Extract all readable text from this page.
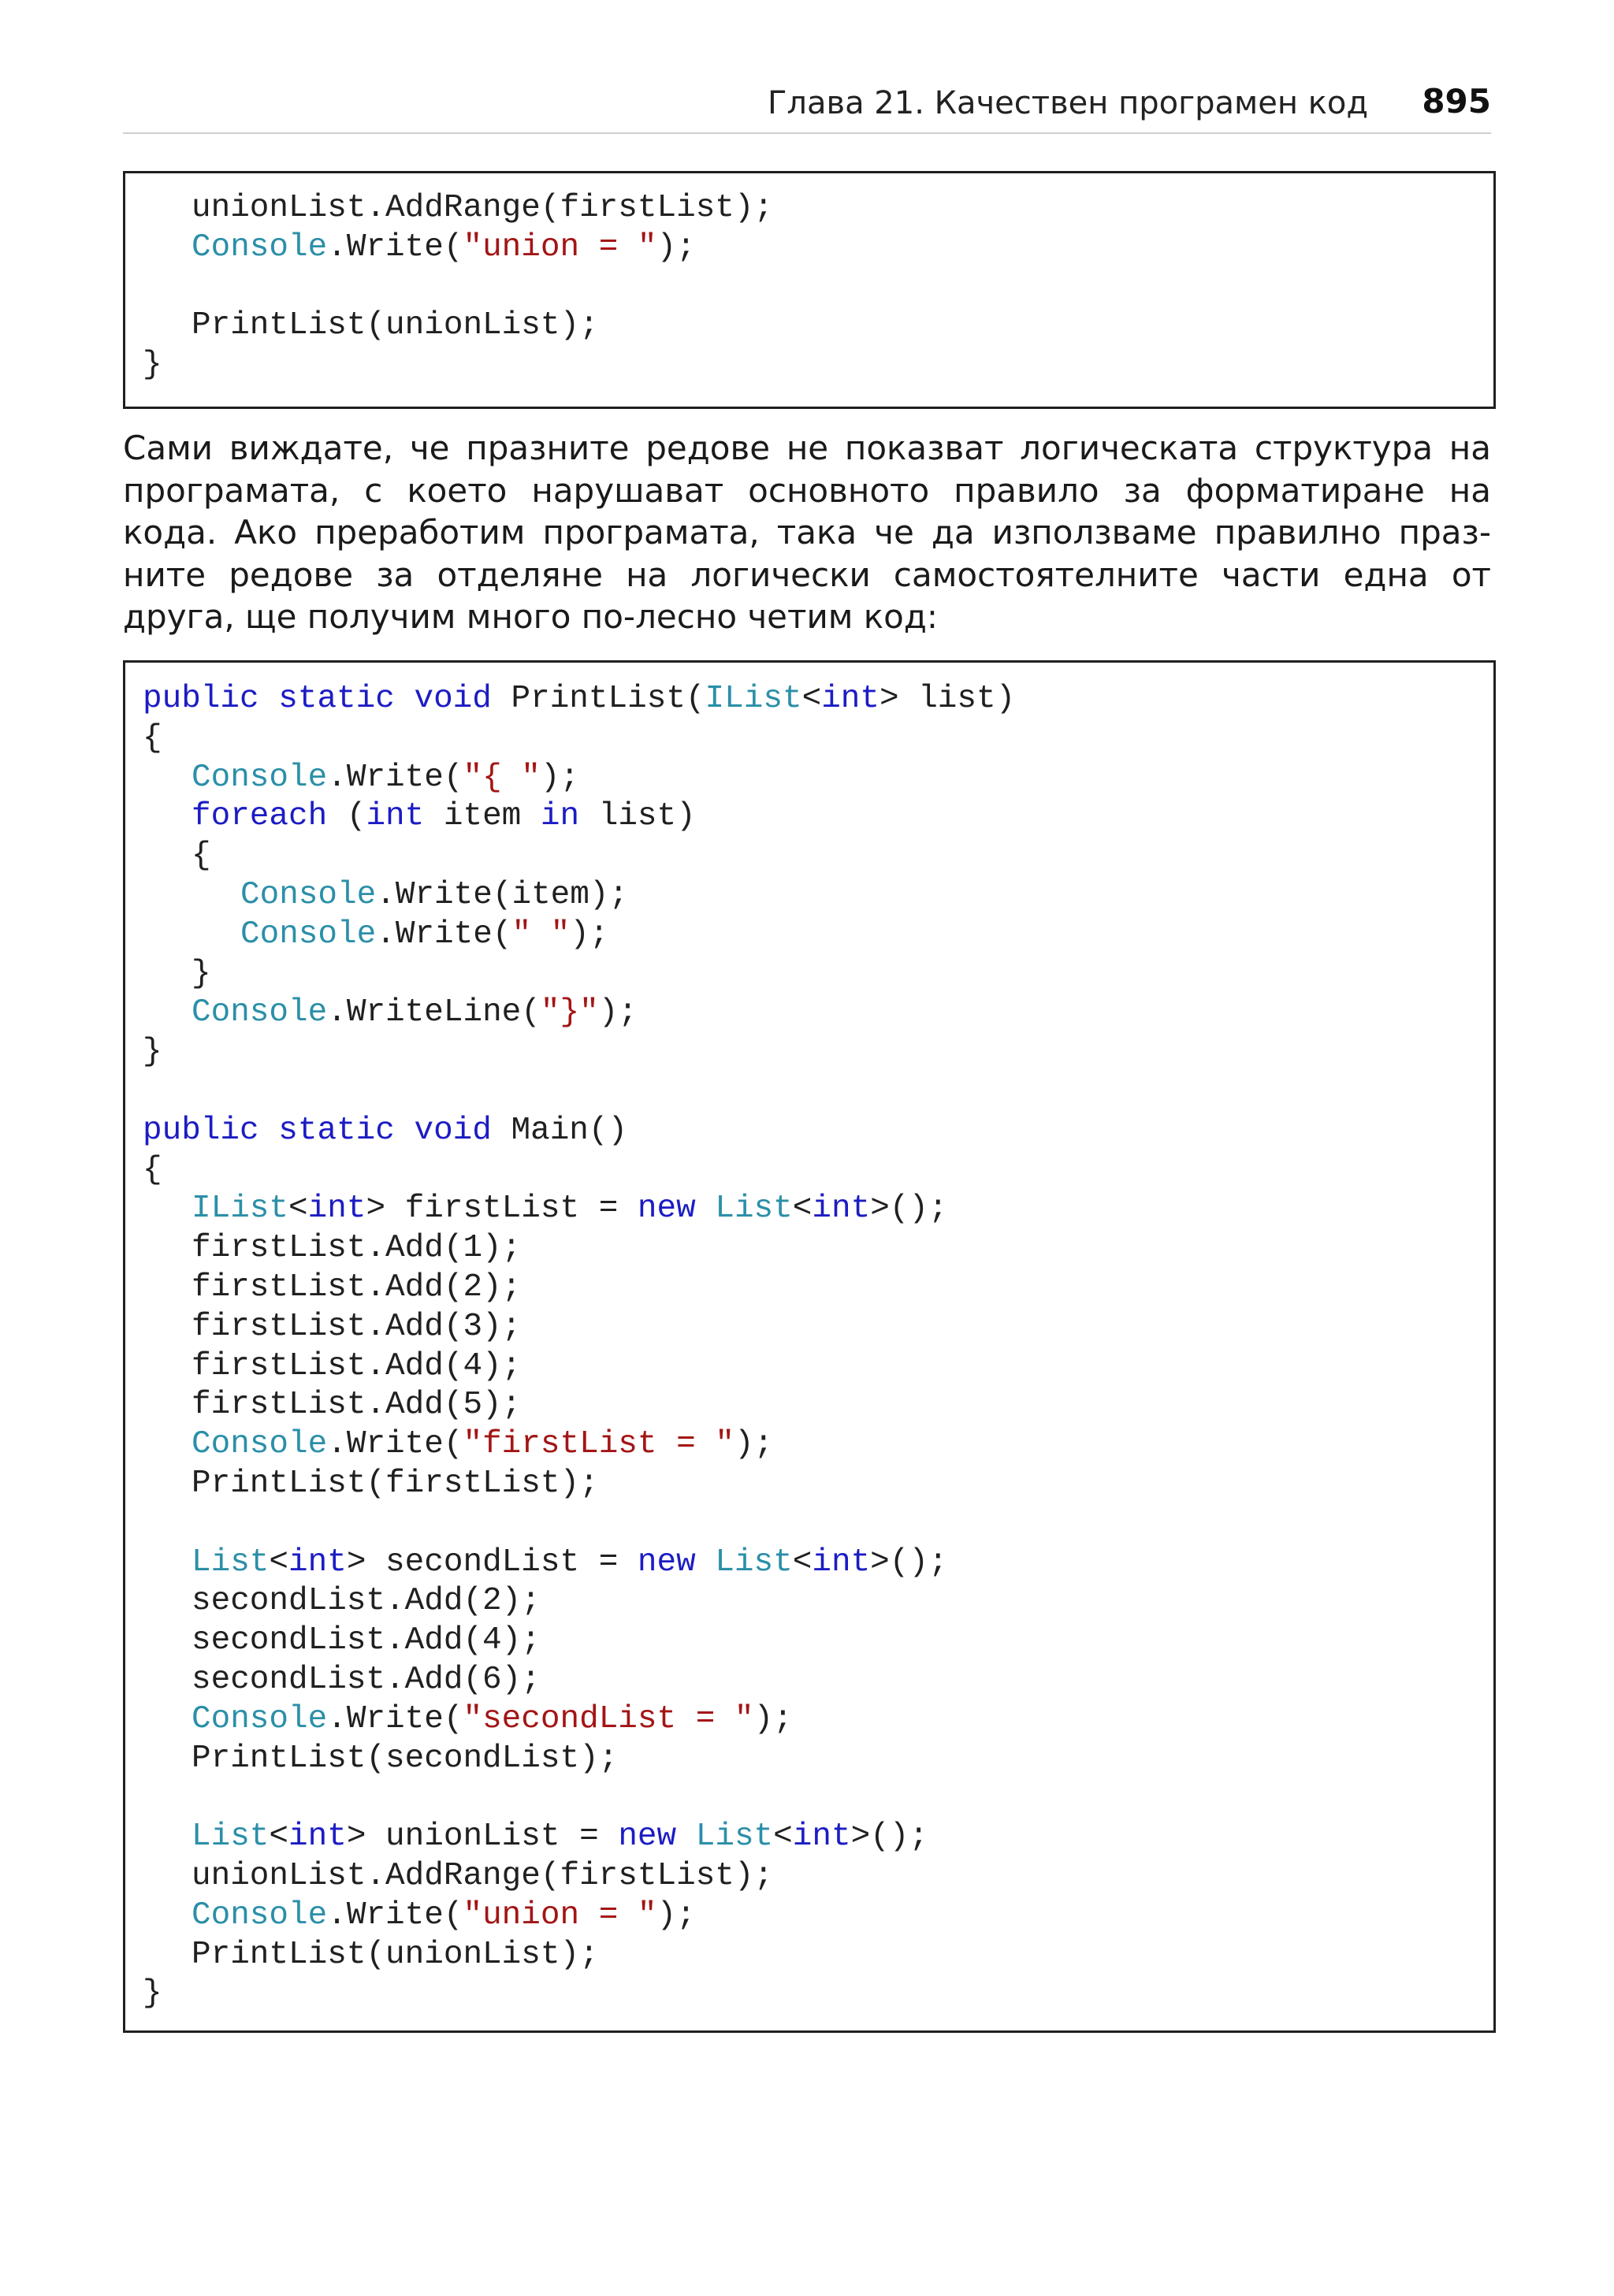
Глава 21. Качествен програмен код 895
unionList.AddRange(firstList);
Console.Write("union = ");
PrintList(unionList);
}
Сами виждате, че празните редове не показват логическата структура на
програмата, с което нарушават основното правило за форматиране на
кода. Ако преработим програмата, така че да използваме правилно праз-
ните редове за отделяне на логически самостоятелните части една от
друга, ще получим много по-лесно четим код:
public static void PrintList(IList<int> list)
{
Console.Write("{ ");
foreach (int item in list)
{
Console.Write(item);
Console.Write(" ");
}
Console.WriteLine("}");
}
public static void Main()
{
IList<int> firstList = new List<int>();
firstList.Add(1);
firstList.Add(2);
firstList.Add(3);
firstList.Add(4);
firstList.Add(5);
Console.Write("firstList = ");
PrintList(firstList);
List<int> secondList = new List<int>();
secondList.Add(2);
secondList.Add(4);
secondList.Add(6);
Console.Write("secondList = ");
PrintList(secondList);
List<int> unionList = new List<int>();
unionList.AddRange(firstList);
Console.Write("union = ");
PrintList(unionList);
}
